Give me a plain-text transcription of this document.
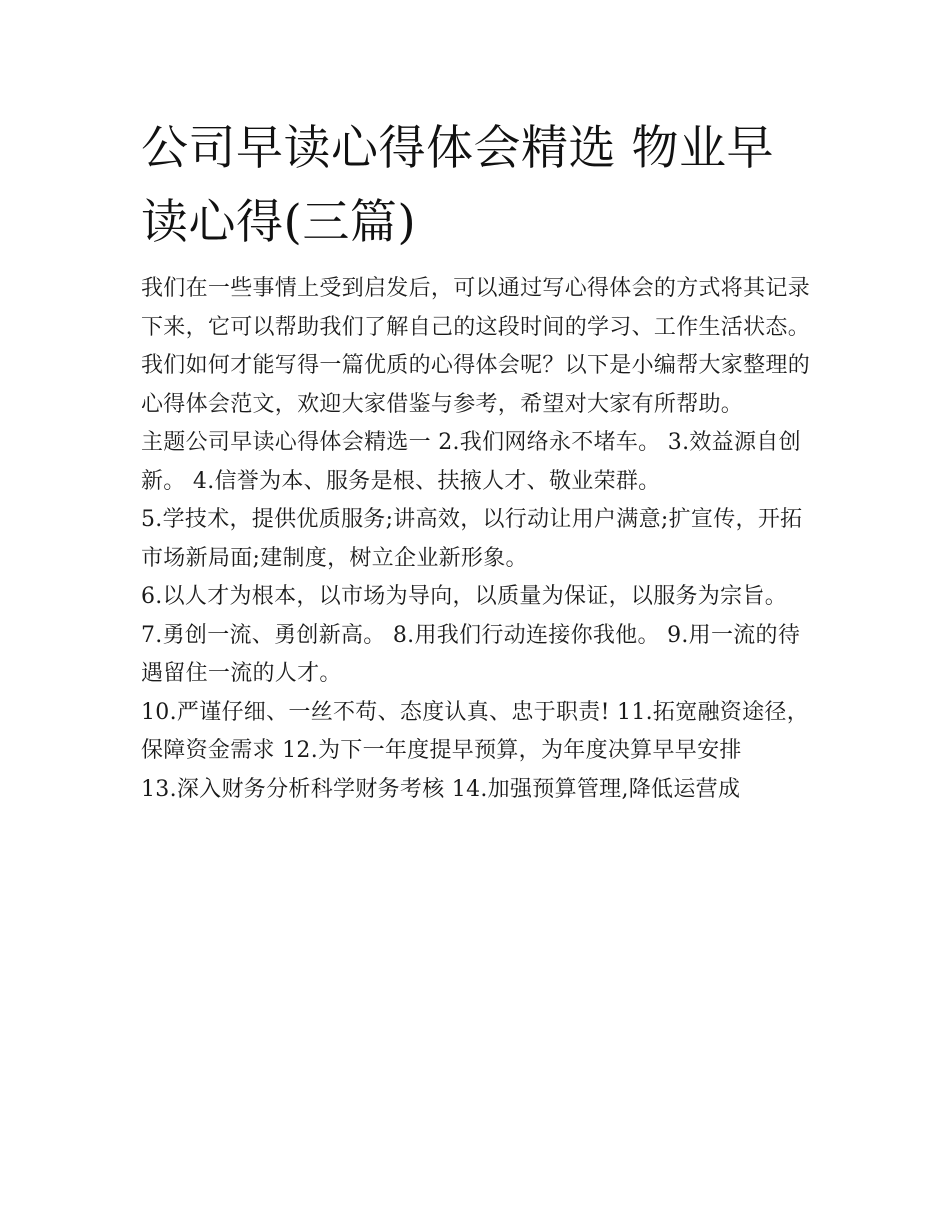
公司早读心得体会精选 物业早读心得(三篇)

我们在一些事情上受到启发后，可以通过写心得体会的方式将其记录下来，它可以帮助我们了解自己的这段时间的学习、工作生活状态。我们如何才能写得一篇优质的心得体会呢？以下是小编帮大家整理的心得体会范文，欢迎大家借鉴与参考，希望对大家有所帮助。

主题公司早读心得体会精选一 2.我们网络永不堵车。 3.效益源自创新。 4.信誉为本、服务是根、扶掖人才、敬业荣群。

5.学技术，提供优质服务;讲高效，以行动让用户满意;扩宣传，开拓市场新局面;建制度，树立企业新形象。

6.以人才为根本，以市场为导向，以质量为保证，以服务为宗旨。 7.勇创一流、勇创新高。 8.用我们行动连接你我他。 9.用一流的待遇留住一流的人才。

10.严谨仔细、一丝不苟、态度认真、忠于职责! 11.拓宽融资途径，保障资金需求 12.为下一年度提早预算，为年度决算早早安排

13.深入财务分析科学财务考核 14.加强预算管理,降低运营成
